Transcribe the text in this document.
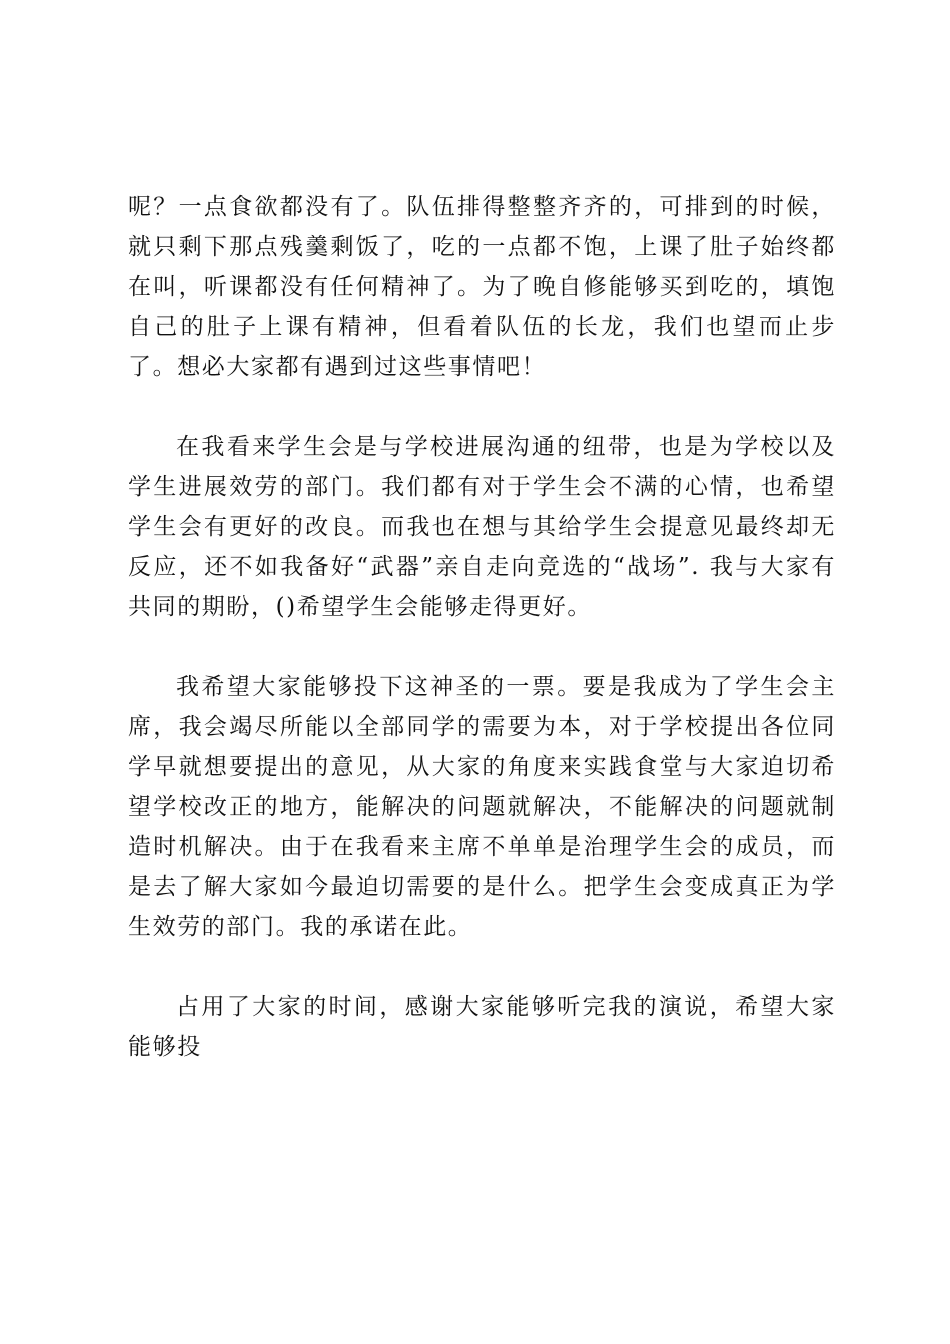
呢？一点食欲都没有了。队伍排得整整齐齐的，可排到的时候，就只剩下那点残羹剩饭了，吃的一点都不饱，上课了肚子始终都在叫，听课都没有任何精神了。为了晚自修能够买到吃的，填饱自己的肚子上课有精神，但看着队伍的长龙，我们也望而止步了。想必大家都有遇到过这些事情吧！

在我看来学生会是与学校进展沟通的纽带，也是为学校以及学生进展效劳的部门。我们都有对于学生会不满的心情，也希望学生会有更好的改良。而我也在想与其给学生会提意见最终却无反应，还不如我备好“武器”亲自走向竞选的“战场”. 我与大家有共同的期盼，()希望学生会能够走得更好。

我希望大家能够投下这神圣的一票。要是我成为了学生会主席，我会竭尽所能以全部同学的需要为本，对于学校提出各位同学早就想要提出的意见，从大家的角度来实践食堂与大家迫切希望学校改正的地方，能解决的问题就解决，不能解决的问题就制造时机解决。由于在我看来主席不单单是治理学生会的成员，而是去了解大家如今最迫切需要的是什么。把学生会变成真正为学生效劳的部门。我的承诺在此。

占用了大家的时间，感谢大家能够听完我的演说，希望大家能够投
